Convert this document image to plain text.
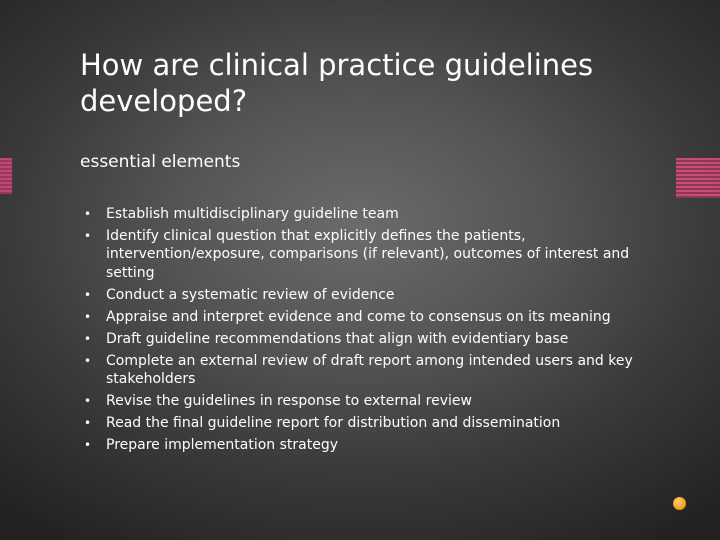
How are clinical practice guidelines developed?
essential elements
• Establish multidisciplinary guideline team
• Identify clinical question that explicitly defines the patients, intervention/exposure, comparisons (if relevant), outcomes of interest and setting
• Conduct a systematic review of evidence
• Appraise and interpret evidence and come to consensus on its meaning
• Draft guideline recommendations that align with evidentiary base
• Complete an external review of draft report among intended users and key stakeholders
• Revise the guidelines in response to external review
• Read the final guideline report for distribution and dissemination
• Prepare implementation strategy
